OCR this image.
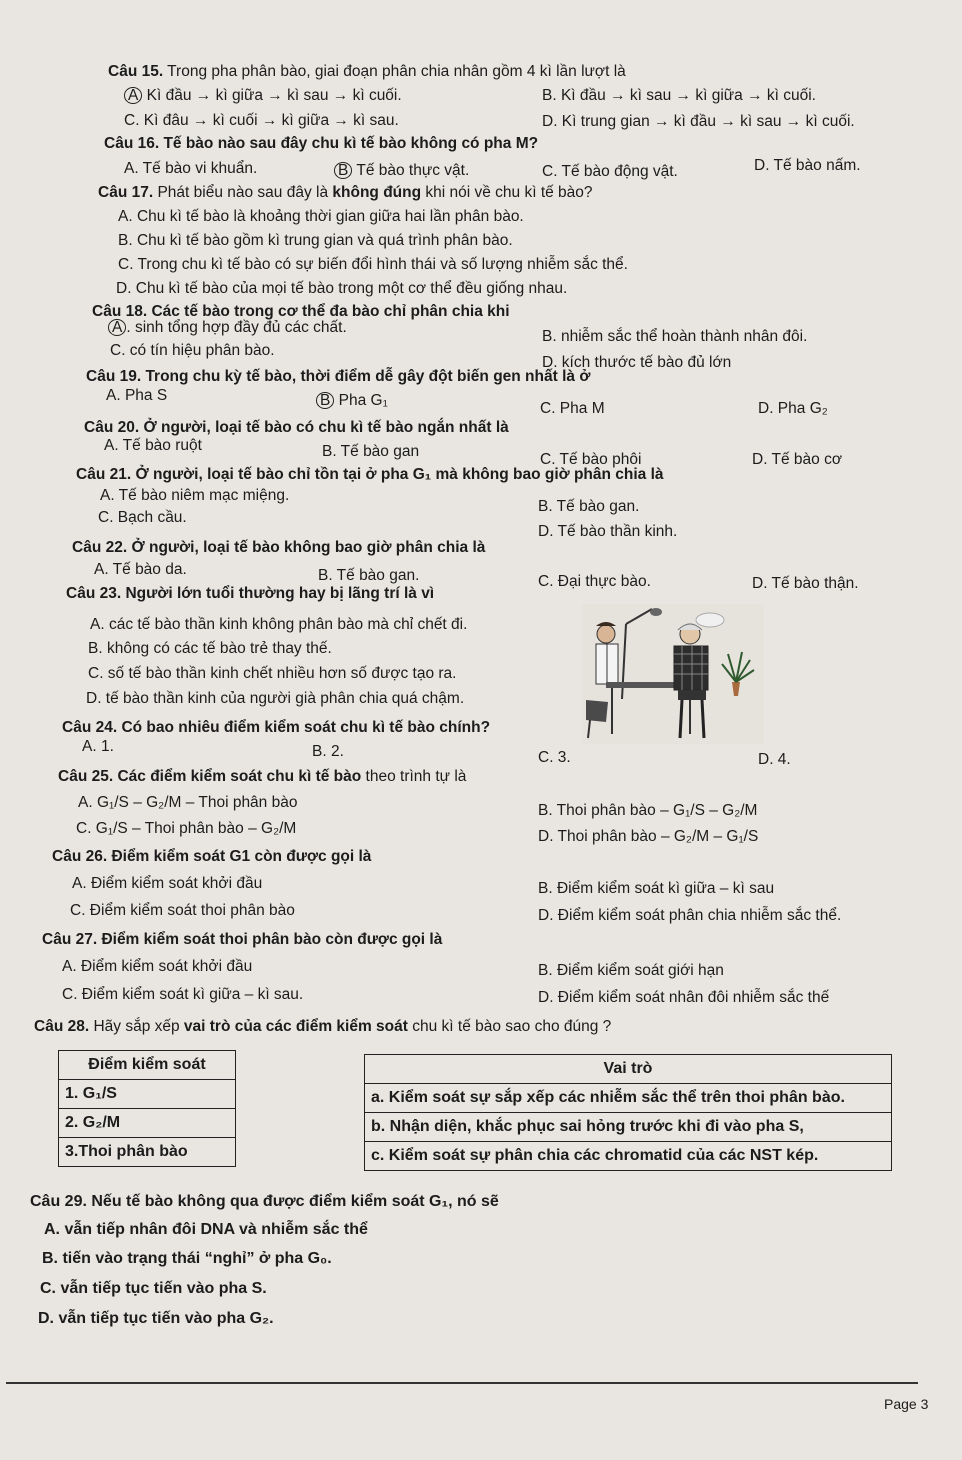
Câu 15. Trong pha phân bào, giai đoạn phân chia nhân gồm 4 kì lần lượt là
A Kì đầu → kì giữa → kì sau → kì cuối.	B. Kì đầu → kì sau → kì giữa → kì cuối.
C. Kì đâu → kì cuối → kì giữa → kì sau.	D. Kì trung gian → kì đầu → kì sau → kì cuối.
Câu 16. Tế bào nào sau đây chu kì tế bào không có pha M?
A. Tế bào vi khuẩn.	B Tế bào thực vật.	C. Tế bào động vật.	D. Tế bào nấm.
Câu 17. Phát biểu nào sau đây là không đúng khi nói về chu kì tế bào?
A. Chu kì tế bào là khoảng thời gian giữa hai lần phân bào.
B. Chu kì tế bào gồm kì trung gian và quá trình phân bào.
C. Trong chu kì tế bào có sự biến đổi hình thái và số lượng nhiễm sắc thể.
D. Chu kì tế bào của mọi tế bào trong một cơ thể đều giống nhau.
Câu 18. Các tế bào trong cơ thể đa bào chỉ phân chia khi
A . sinh tổng hợp đầy đủ các chất.
B. nhiễm sắc thể hoàn thành nhân đôi.
C. có tín hiệu phân bào.
D. kích thước tế bào đủ lớn
Câu 19. Trong chu kỳ tế bào, thời điểm dễ gây đột biến gen nhất là ở
A. Pha S	B Pha G₁	C. Pha M	D. Pha G₂
Câu 20. Ở người, loại tế bào có chu kì tế bào ngắn nhất là
A. Tế bào ruột	B. Tế bào gan	C. Tế bào phôi	D. Tế bào cơ
Câu 21. Ở người, loại tế bào chỉ tồn tại ở pha G₁ mà không bao giờ phân chia là
A. Tế bào niêm mạc miệng.
B. Tế bào gan.
C. Bạch cầu.
D. Tế bào thần kinh.
Câu 22. Ở người, loại tế bào không bao giờ phân chia là
A. Tế bào da.	B. Tế bào gan.	C. Đại thực bào.	D. Tế bào thận.
Câu 23. Người lớn tuổi thường hay bị lãng trí là vì
A. các tế bào thần kinh không phân bào mà chỉ chết đi.
B. không có các tế bào trẻ thay thế.
C. số tế bào thần kinh chết nhiều hơn số được tạo ra.
D. tế bào thần kinh của người già phân chia quá chậm.
Câu 24. Có bao nhiêu điểm kiểm soát chu kì tế bào chính?
A. 1.	B. 2.	C. 3.	D. 4.
Câu 25. Các điểm kiểm soát chu kì tế bào theo trình tự là
A. G₁/S – G₂/M – Thoi phân bào	B. Thoi phân bào – G₁/S – G₂/M
C. G₁/S – Thoi phân bào – G₂/M	D. Thoi phân bào – G₂/M – G₁/S
Câu 26. Điểm kiểm soát G1 còn được gọi là
A. Điểm kiểm soát khởi đầu	B. Điểm kiểm soát kì giữa – kì sau
C. Điểm kiểm soát thoi phân bào	D. Điểm kiểm soát phân chia nhiễm sắc thể.
Câu 27. Điểm kiểm soát thoi phân bào còn được gọi là
A. Điểm kiểm soát khởi đầu	B. Điểm kiểm soát giới hạn
C. Điểm kiểm soát kì giữa – kì sau.	D. Điểm kiểm soát nhân đôi nhiễm sắc thế
Câu 28. Hãy sắp xếp vai trò của các điểm kiểm soát chu kì tế bào sao cho đúng ?
Điểm kiểm soát
1. G₁/S
2. G₂/M
3.Thoi phân bào
Vai trò
a. Kiểm soát sự sắp xếp các nhiễm sắc thể trên thoi phân bào.
b. Nhận diện, khắc phục sai hỏng trước khi đi vào pha S,
c. Kiểm soát sự phân chia các chromatid của các NST kép.
Câu 29. Nếu tế bào không qua được điểm kiểm soát G₁, nó sẽ
A. vẫn tiếp nhân đôi DNA và nhiễm sắc thể
B. tiến vào trạng thái “nghỉ” ở pha G₀.
C. vẫn tiếp tục tiến vào pha S.
D. vẫn tiếp tục tiến vào pha G₂.
Page 3
